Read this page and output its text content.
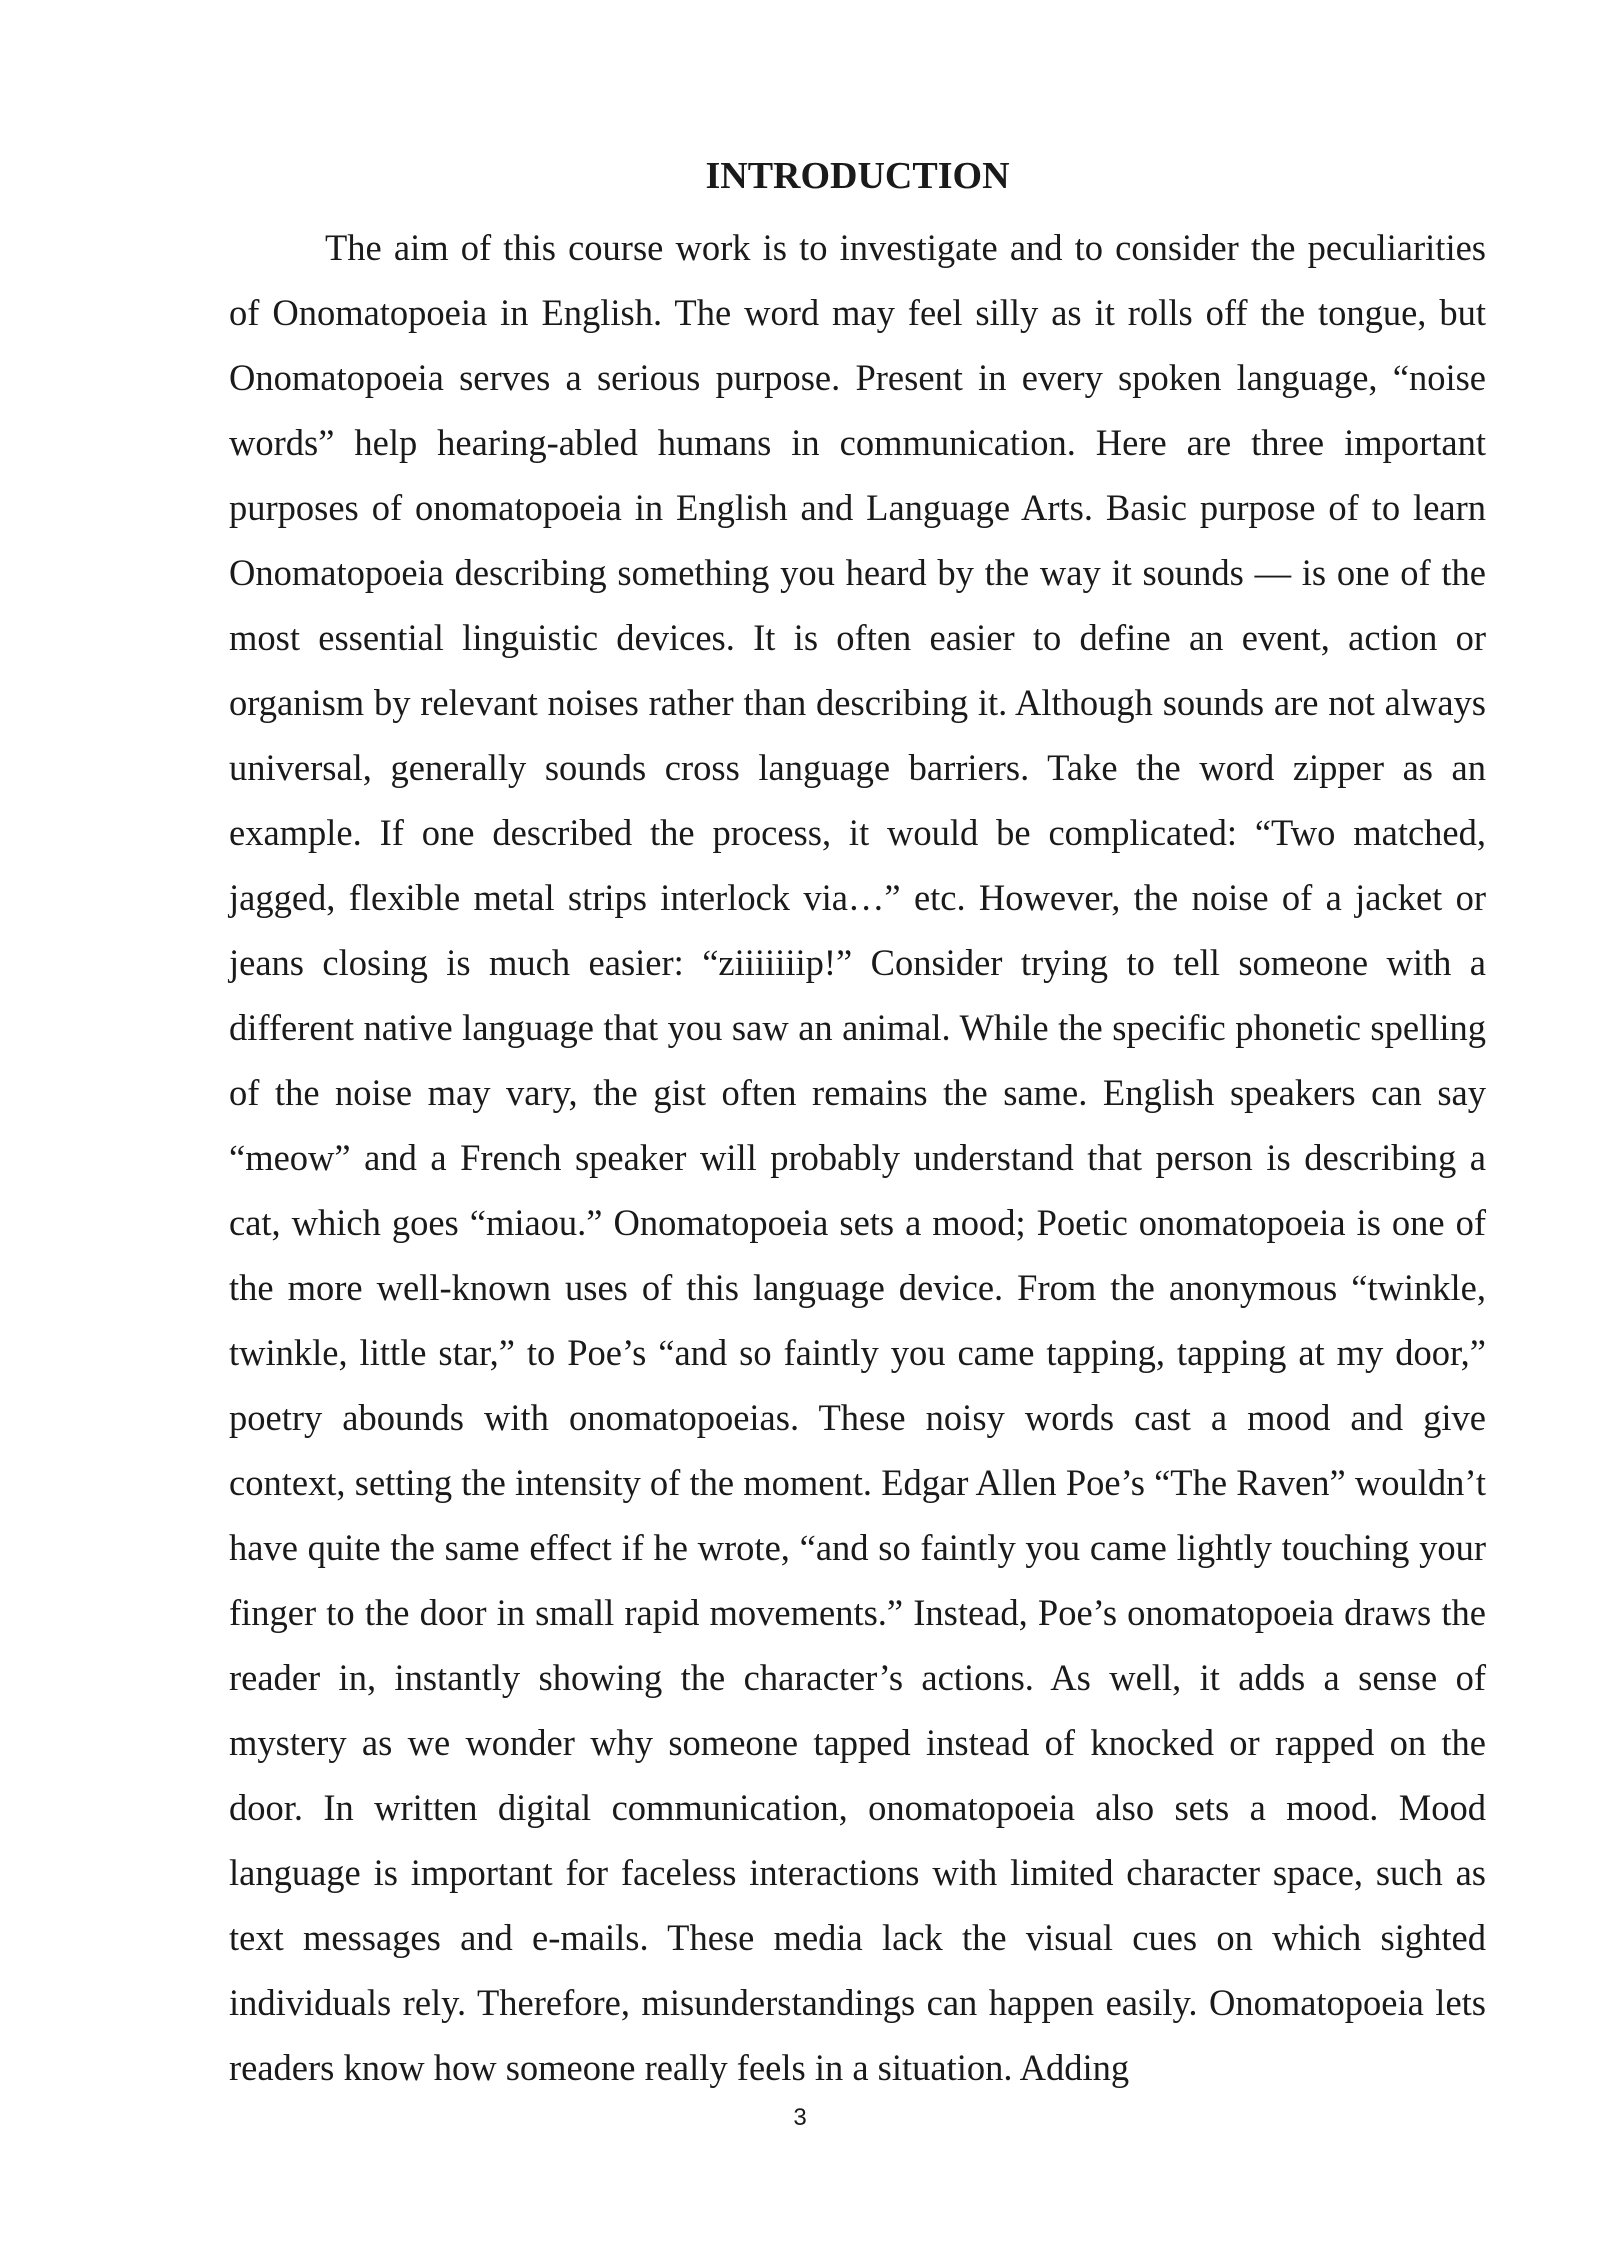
INTRODUCTION

The aim of this course work is to investigate and to consider the peculiarities of Onomatopoeia in English. The word may feel silly as it rolls off the tongue, but Onomatopoeia serves a serious purpose. Present in every spoken language, “noise words” help hearing-abled humans in communication. Here are three important purposes of onomatopoeia in English and Language Arts. Basic purpose of to learn Onomatopoeia describing something you heard by the way it sounds — is one of the most essential linguistic devices. It is often easier to define an event, action or organism by relevant noises rather than describing it. Although sounds are not always universal, generally sounds cross language barriers. Take the word zipper as an example. If one described the process, it would be complicated: “Two matched, jagged, flexible metal strips interlock via…” etc. However, the noise of a jacket or jeans closing is much easier: “ziiiiiiip!” Consider trying to tell someone with a different native language that you saw an animal. While the specific phonetic spelling of the noise may vary, the gist often remains the same. English speakers can say “meow” and a French speaker will probably understand that person is describing a cat, which goes “miaou.” Onomatopoeia sets a mood; Poetic onomatopoeia is one of the more well-known uses of this language device. From the anonymous “twinkle, twinkle, little star,” to Poe’s “and so faintly you came tapping, tapping at my door,” poetry abounds with onomatopoeias. These noisy words cast a mood and give context, setting the intensity of the moment. Edgar Allen Poe’s “The Raven” wouldn’t have quite the same effect if he wrote, “and so faintly you came lightly touching your finger to the door in small rapid movements.” Instead, Poe’s onomatopoeia draws the reader in, instantly showing the character’s actions. As well, it adds a sense of mystery as we wonder why someone tapped instead of knocked or rapped on the door. In written digital communication, onomatopoeia also sets a mood. Mood language is important for faceless interactions with limited character space, such as text messages and e-mails. These media lack the visual cues on which sighted individuals rely. Therefore, misunderstandings can happen easily. Onomatopoeia lets readers know how someone really feels in a situation. Adding

3
